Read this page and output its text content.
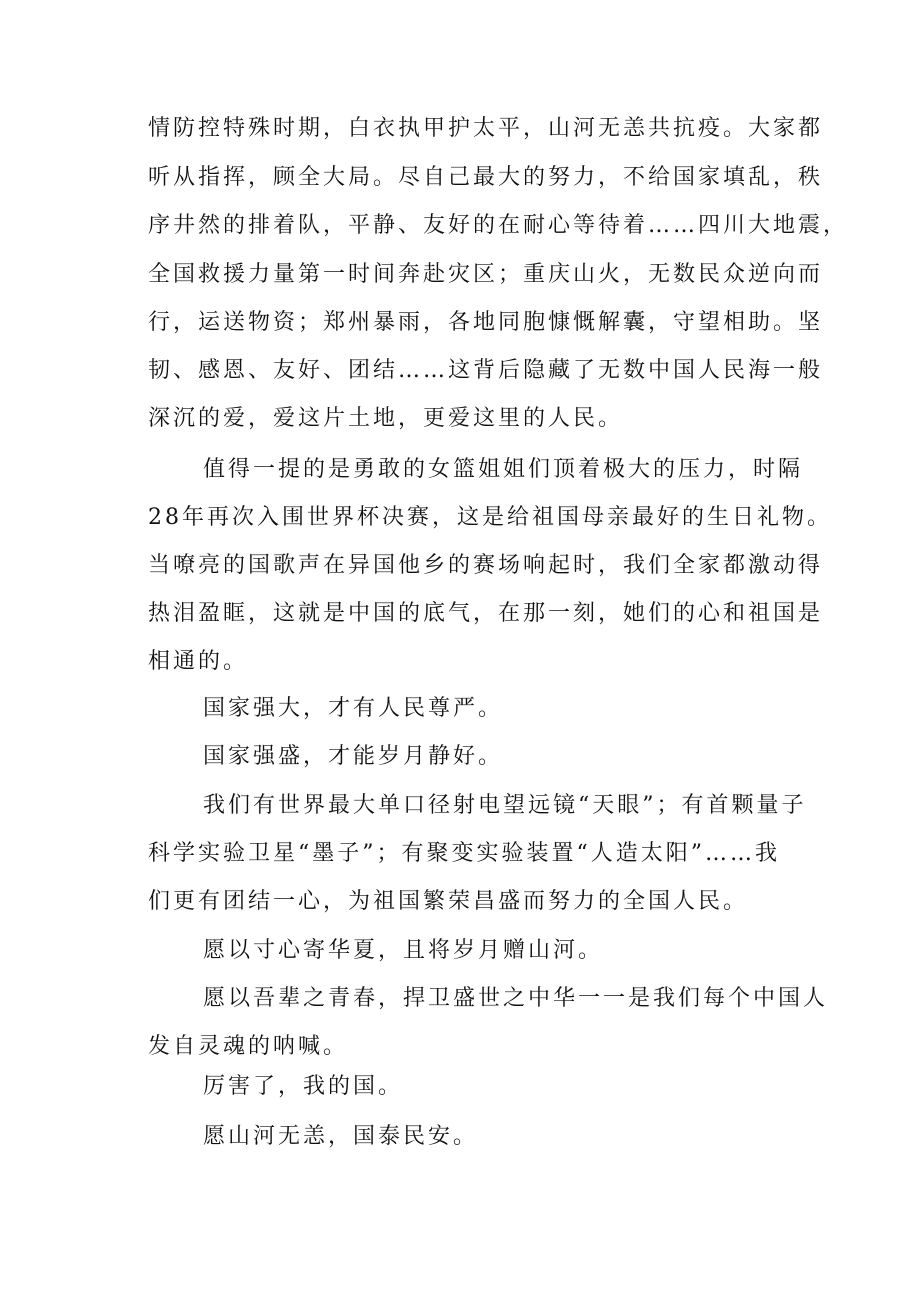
情防控特殊时期，白衣执甲护太平，山河无恙共抗疫。大家都
听从指挥，顾全大局。尽自己最大的努力，不给国家填乱，秩
序井然的排着队，平静、友好的在耐心等待着……四川大地震，
全国救援力量第一时间奔赴灾区；重庆山火，无数民众逆向而
行，运送物资；郑州暴雨，各地同胞慷慨解囊，守望相助。坚
韧、感恩、友好、团结……这背后隐藏了无数中国人民海一般
深沉的爱，爱这片土地，更爱这里的人民。
值得一提的是勇敢的女篮姐姐们顶着极大的压力，时隔
28年再次入围世界杯决赛，这是给祖国母亲最好的生日礼物。
当嘹亮的国歌声在异国他乡的赛场响起时，我们全家都激动得
热泪盈眶，这就是中国的底气，在那一刻，她们的心和祖国是
相通的。
国家强大，才有人民尊严。
国家强盛，才能岁月静好。
我们有世界最大单口径射电望远镜“天眼”；有首颗量子
科学实验卫星“墨子”；有聚变实验装置“人造太阳”……我
们更有团结一心，为祖国繁荣昌盛而努力的全国人民。
愿以寸心寄华夏，且将岁月赠山河。
愿以吾辈之青春，捍卫盛世之中华一一是我们每个中国人
发自灵魂的呐喊。
厉害了，我的国。
愿山河无恙，国泰民安。
